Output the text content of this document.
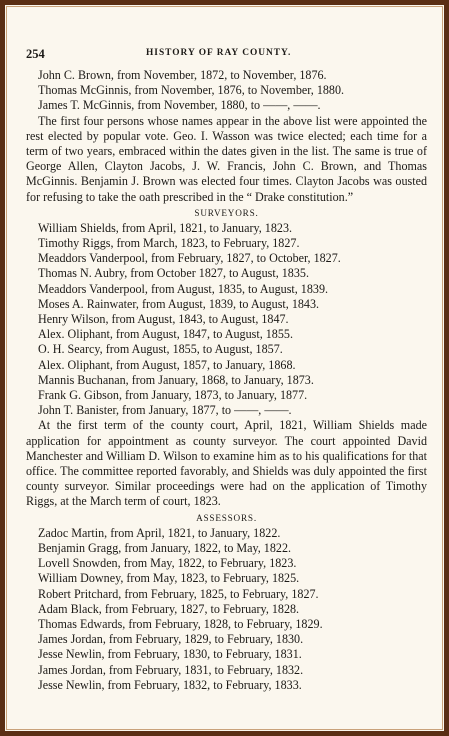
254	HISTORY OF RAY COUNTY.
John C. Brown, from November, 1872, to November, 1876.
Thomas McGinnis, from November, 1876, to November, 1880.
James T. McGinnis, from November, 1880, to ——, ——.

The first four persons whose names appear in the above list were appointed the rest elected by popular vote. Geo. I. Wasson was twice elected; each time for a term of two years, embraced within the dates given in the list. The same is true of George Allen, Clayton Jacobs, J. W. Francis, John C. Brown, and Thomas McGinnis. Benjamin J. Brown was elected four times. Clayton Jacobs was ousted for refusing to take the oath prescribed in the “ Drake constitution.”

SURVEYORS.
William Shields, from April, 1821, to January, 1823.
Timothy Riggs, from March, 1823, to February, 1827.
Meaddors Vanderpool, from February, 1827, to October, 1827.
Thomas N. Aubry, from October 1827, to August, 1835.
Meaddors Vanderpool, from August, 1835, to August, 1839.
Moses A. Rainwater, from August, 1839, to August, 1843.
Henry Wilson, from August, 1843, to August, 1847.
Alex. Oliphant, from August, 1847, to August, 1855.
O. H. Searcy, from August, 1855, to August, 1857.
Alex. Oliphant, from August, 1857, to January, 1868.
Mannis Buchanan, from January, 1868, to January, 1873.
Frank G. Gibson, from January, 1873, to January, 1877.
John T. Banister, from January, 1877, to ——, ——.

At the first term of the county court, April, 1821, William Shields made application for appointment as county surveyor. The court appointed David Manchester and William D. Wilson to examine him as to his qualifications for that office. The committee reported favorably, and Shields was duly appointed the first county surveyor. Similar proceedings were had on the application of Timothy Riggs, at the March term of court, 1823.

ASSESSORS.
Zadoc Martin, from April, 1821, to January, 1822.
Benjamin Gragg, from January, 1822, to May, 1822.
Lovell Snowden, from May, 1822, to February, 1823.
William Downey, from May, 1823, to February, 1825.
Robert Pritchard, from February, 1825, to February, 1827.
Adam Black, from February, 1827, to February, 1828.
Thomas Edwards, from February, 1828, to February, 1829.
James Jordan, from February, 1829, to February, 1830.
Jesse Newlin, from February, 1830, to February, 1831.
James Jordan, from February, 1831, to February, 1832.
Jesse Newlin, from February, 1832, to February, 1833.
